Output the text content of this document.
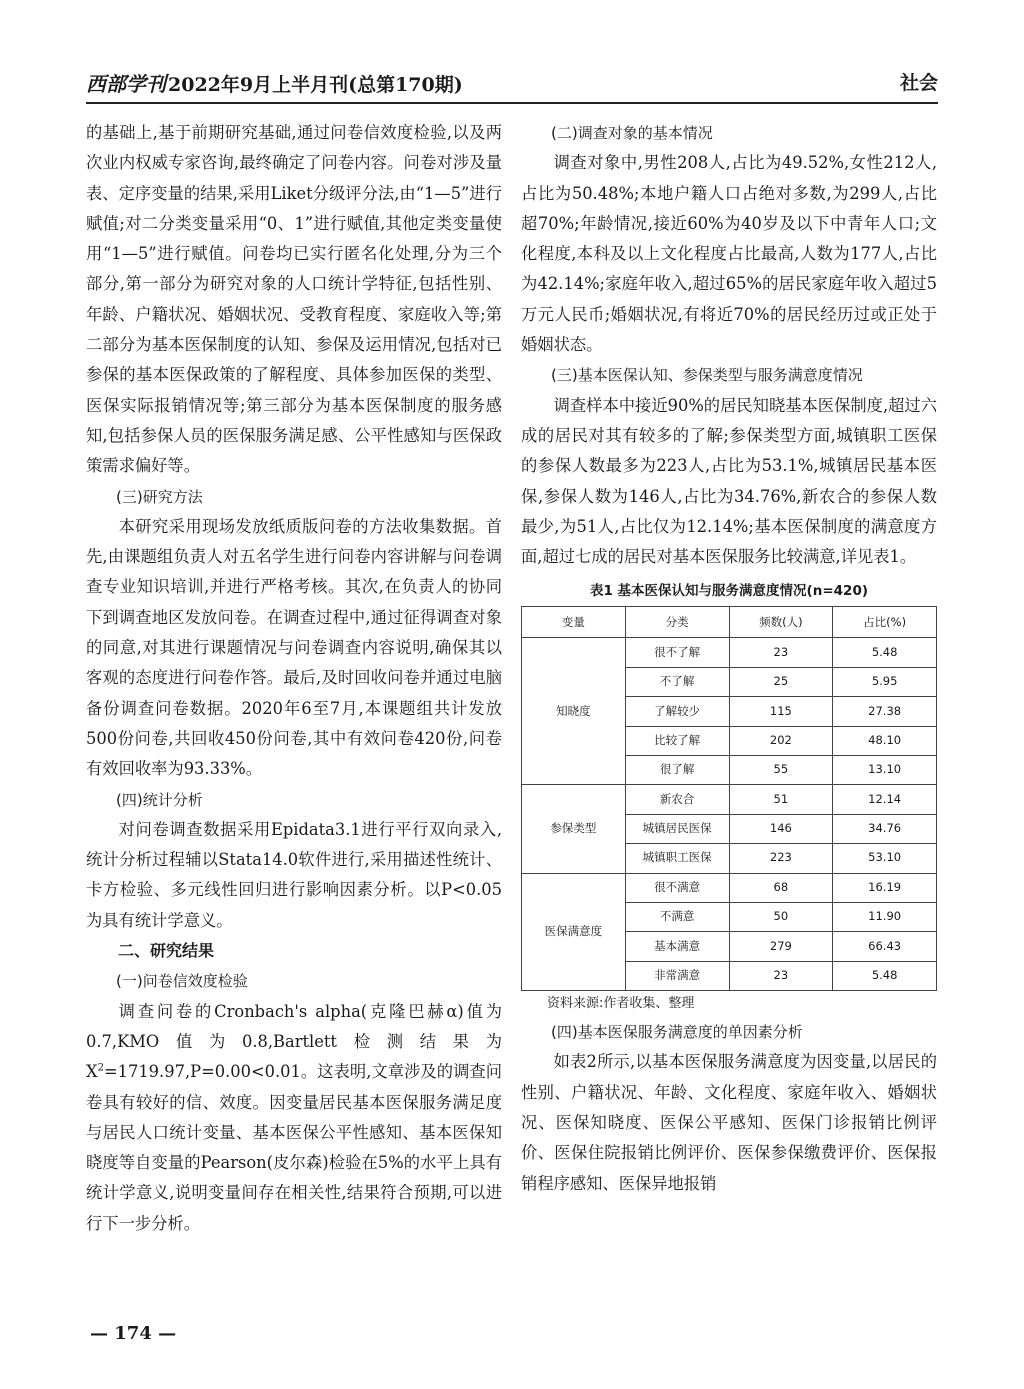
西部学刊 2022年9月上半月刊(总第170期)	社会

的基础上,基于前期研究基础,通过问卷信效度检验,以及两次业内权威专家咨询,最终确定了问卷内容。问卷对涉及量表、定序变量的结果,采用Liket分级评分法,由“1—5”进行赋值;对二分类变量采用“0、1”进行赋值,其他定类变量使用“1—5”进行赋值。问卷均已实行匿名化处理,分为三个部分,第一部分为研究对象的人口统计学特征,包括性别、年龄、户籍状况、婚姻状况、受教育程度、家庭收入等;第二部分为基本医保制度的认知、参保及运用情况,包括对已参保的基本医保政策的了解程度、具体参加医保的类型、医保实际报销情况等;第三部分为基本医保制度的服务感知,包括参保人员的医保服务满足感、公平性感知与医保政策需求偏好等。

(三)研究方法

本研究采用现场发放纸质版问卷的方法收集数据。首先,由课题组负责人对五名学生进行问卷内容讲解与问卷调查专业知识培训,并进行严格考核。其次,在负责人的协同下到调查地区发放问卷。在调查过程中,通过征得调查对象的同意,对其进行课题情况与问卷调查内容说明,确保其以客观的态度进行问卷作答。最后,及时回收问卷并通过电脑备份调查问卷数据。2020年6至7月,本课题组共计发放500份问卷,共回收450份问卷,其中有效问卷420份,问卷有效回收率为93.33%。

(四)统计分析

对问卷调查数据采用Epidata3.1进行平行双向录入,统计分析过程辅以Stata14.0软件进行,采用描述性统计、卡方检验、多元线性回归进行影响因素分析。以P<0.05为具有统计学意义。

二、研究结果

(一)问卷信效度检验

调查问卷的Cronbach's alpha(克隆巴赫α)值为0.7,KMO值为0.8,Bartlett检测结果为$X^2=1719.97,P=0.00<0.01$。这表明,文章涉及的调查问卷具有较好的信、效度。因变量居民基本医保服务满足度与居民人口统计变量、基本医保公平性感知、基本医保知晓度等自变量的Pearson(皮尔森)检验在5%的水平上具有统计学意义,说明变量间存在相关性,结果符合预期,可以进行下一步分析。

(二)调查对象的基本情况

调查对象中,男性208人,占比为49.52%,女性212人,占比为50.48%;本地户籍人口占绝对多数,为299人,占比超70%;年龄情况,接近60%为40岁及以下中青年人口;文化程度,本科及以上文化程度占比最高,人数为177人,占比为42.14%;家庭年收入,超过65%的居民家庭年收入超过5万元人民币;婚姻状况,有将近70%的居民经历过或正处于婚姻状态。

(三)基本医保认知、参保类型与服务满意度情况

调查样本中接近90%的居民知晓基本医保制度,超过六成的居民对其有较多的了解;参保类型方面,城镇职工医保的参保人数最多为223人,占比为53.1%,城镇居民基本医保,参保人数为146人,占比为34.76%,新农合的参保人数最少,为51人,占比仅为12.14%;基本医保制度的满意度方面,超过七成的居民对基本医保服务比较满意,详见表1。

表1 基本医保认知与服务满意度情况(n=420)
变量	分类	频数(人)	占比(%)
知晓度	很不了解	23	5.48
	不了解	25	5.95
	了解较少	115	27.38
	比较了解	202	48.10
	很了解	55	13.10
参保类型	新农合	51	12.14
	城镇居民医保	146	34.76
	城镇职工医保	223	53.10
医保满意度	很不满意	68	16.19
	不满意	50	11.90
	基本满意	279	66.43
	非常满意	23	5.48

资料来源:作者收集、整理

(四)基本医保服务满意度的单因素分析

如表2所示,以基本医保服务满意度为因变量,以居民的性别、户籍状况、年龄、文化程度、家庭年收入、婚姻状况、医保知晓度、医保公平感知、医保门诊报销比例评价、医保住院报销比例评价、医保参保缴费评价、医保报销程序感知、医保异地报销

— 174 —
